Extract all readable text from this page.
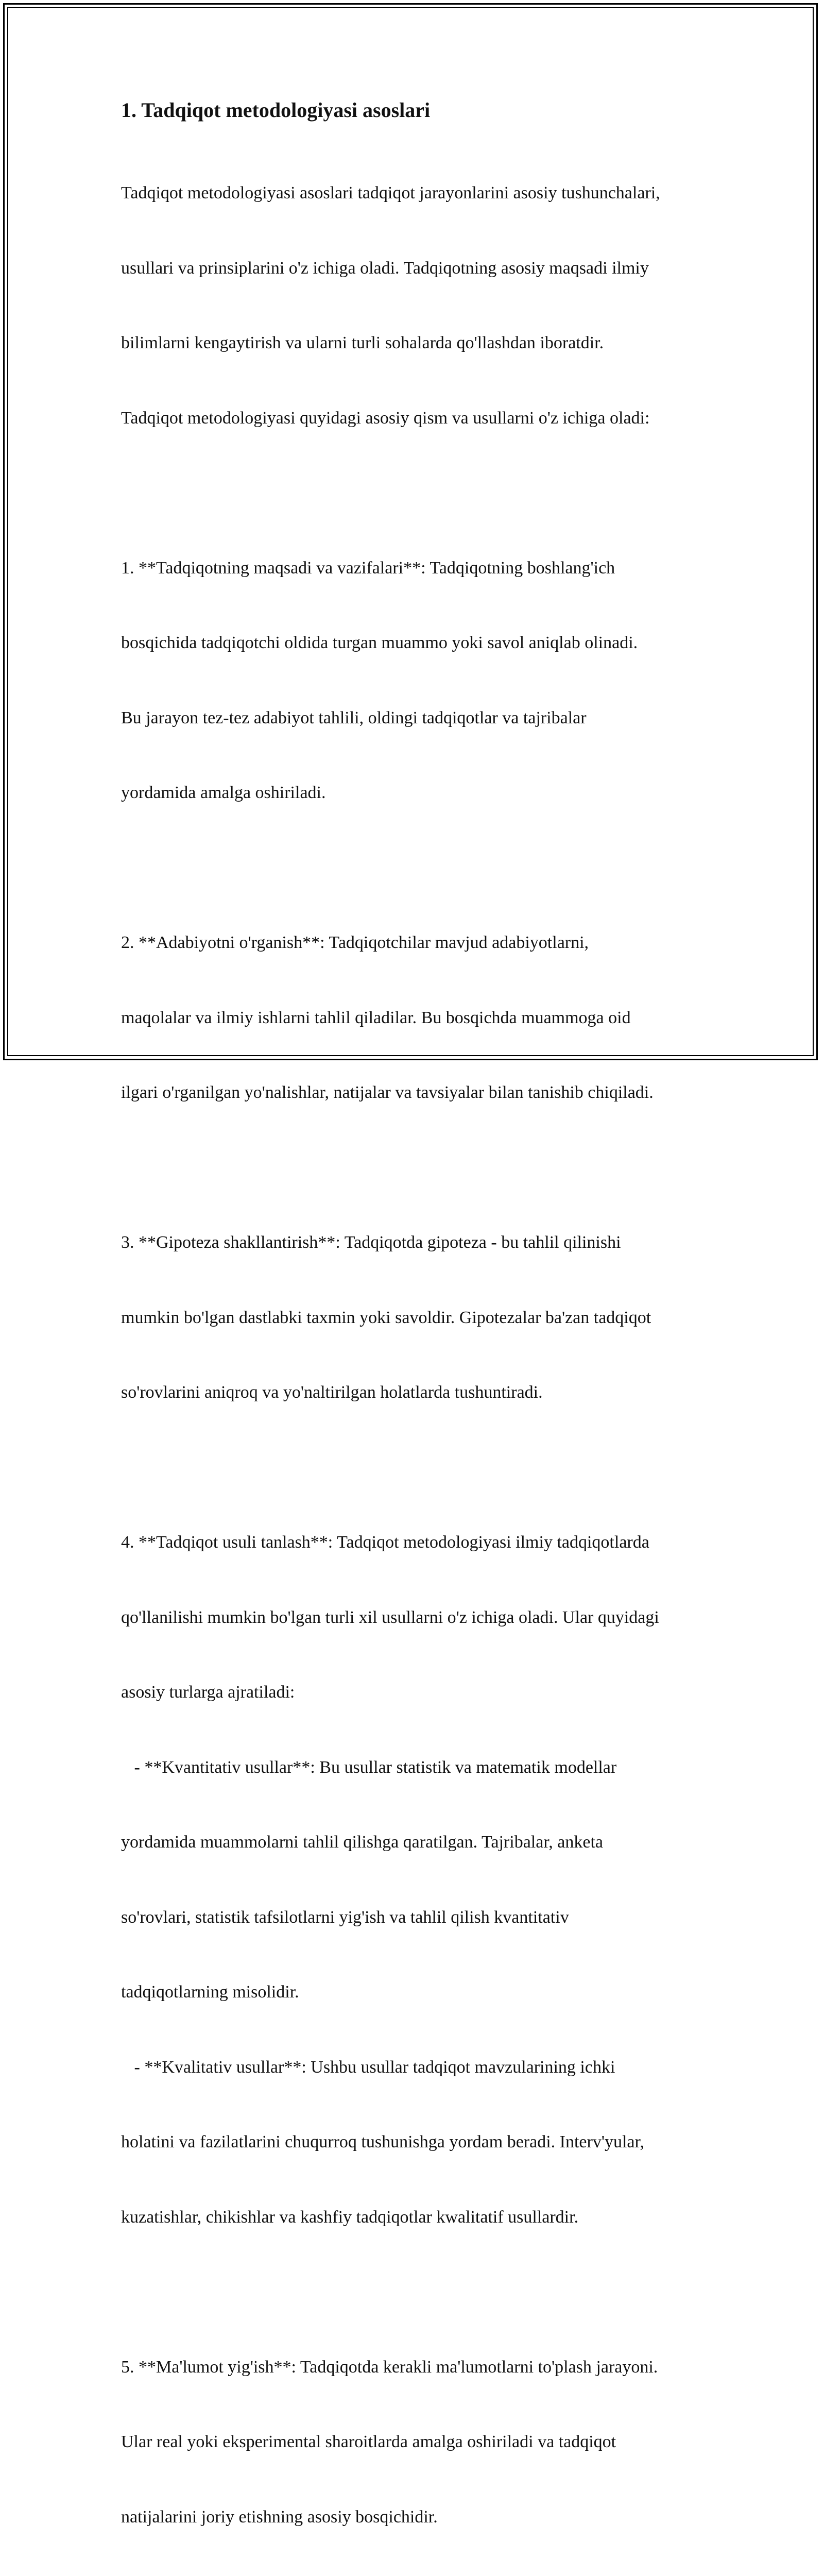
1. Tadqiqot metodologiyasi asoslari

Tadqiqot metodologiyasi asoslari tadqiqot jarayonlarini asosiy tushunchalari,

usullari va prinsiplarini o'z ichiga oladi. Tadqiqotning asosiy maqsadi ilmiy

bilimlarni kengaytirish va ularni turli sohalarda qo'llashdan iboratdir.

Tadqiqot metodologiyasi quyidagi asosiy qism va usullarni o'z ichiga oladi:

1. **Tadqiqotning maqsadi va vazifalari**: Tadqiqotning boshlang'ich

bosqichida tadqiqotchi oldida turgan muammo yoki savol aniqlab olinadi.

Bu jarayon tez-tez adabiyot tahlili, oldingi tadqiqotlar va tajribalar

yordamida amalga oshiriladi.

2. **Adabiyotni o'rganish**: Tadqiqotchilar mavjud adabiyotlarni,

maqolalar va ilmiy ishlarni tahlil qiladilar. Bu bosqichda muammoga oid

ilgari o'rganilgan yo'nalishlar, natijalar va tavsiyalar bilan tanishib chiqiladi.

3. **Gipoteza shakllantirish**: Tadqiqotda gipoteza - bu tahlil qilinishi

mumkin bo'lgan dastlabki taxmin yoki savoldir. Gipotezalar ba'zan tadqiqot

so'rovlarini aniqroq va yo'naltirilgan holatlarda tushuntiradi.

4. **Tadqiqot usuli tanlash**: Tadqiqot metodologiyasi ilmiy tadqiqotlarda

qo'llanilishi mumkin bo'lgan turli xil usullarni o'z ichiga oladi. Ular quyidagi

asosiy turlarga ajratiladi:

- **Kvantitativ usullar**: Bu usullar statistik va matematik modellar

yordamida muammolarni tahlil qilishga qaratilgan. Tajribalar, anketa

so'rovlari, statistik tafsilotlarni yig'ish va tahlil qilish kvantitativ

tadqiqotlarning misolidir.

- **Kvalitativ usullar**: Ushbu usullar tadqiqot mavzularining ichki

holatini va fazilatlarini chuqurroq tushunishga yordam beradi. Interv'yular,

kuzatishlar, chikishlar va kashfiy tadqiqotlar kwalitatif usullardir.

5. **Ma'lumot yig'ish**: Tadqiqotda kerakli ma'lumotlarni to'plash jarayoni.

Ular real yoki eksperimental sharoitlarda amalga oshiriladi va tadqiqot

natijalarini joriy etishning asosiy bosqichidir.
